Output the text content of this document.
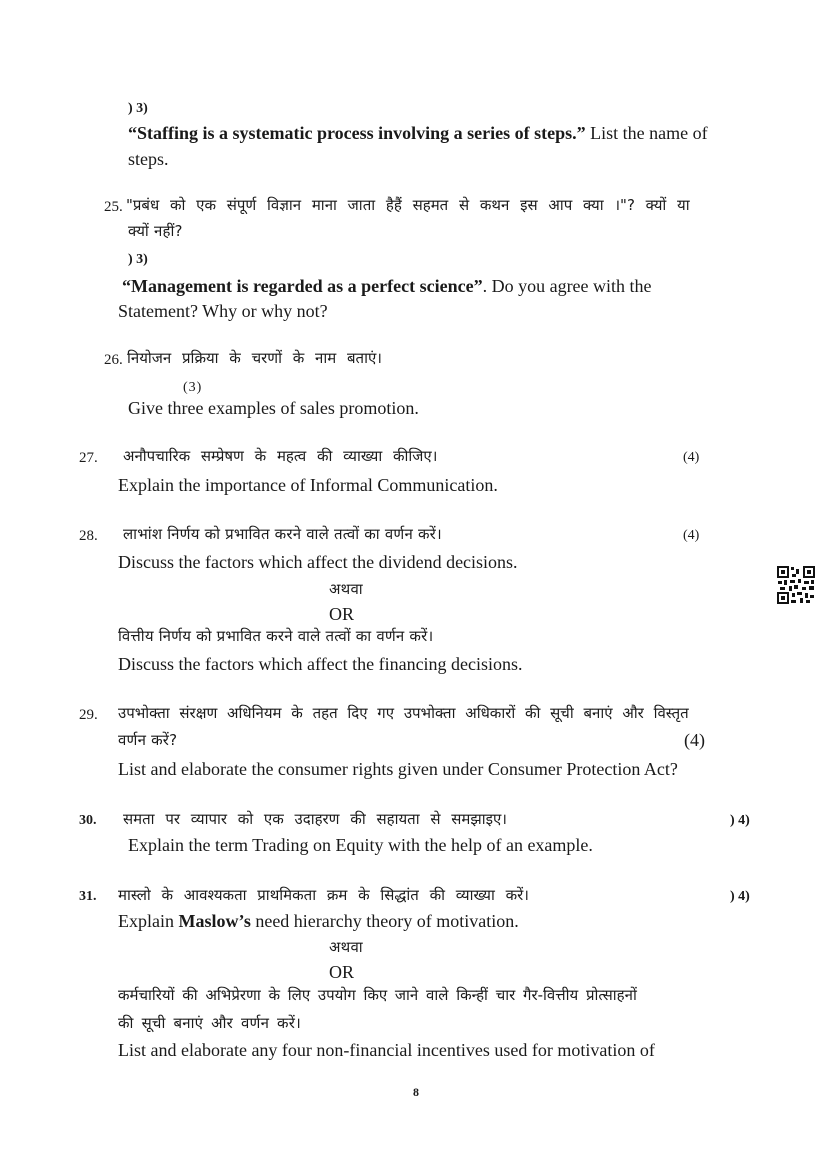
) 3)
“Staffing is a systematic process involving a series of steps.” List the name of
steps.
25. "प्रबंध को एक संपूर्ण विज्ञान माना जाता हैहैं सहमत से कथन इस आप क्या ।"? क्यों या
क्यों नहीं?
) 3)
“Management is regarded as a perfect science”. Do you agree with the
Statement? Why or why not?
26. नियोजन प्रक्रिया के चरणों के नाम बताएं।
(3)
Give three examples of sales promotion.
27. अनौपचारिक सम्प्रेषण के महत्व की व्याख्या कीजिए।	(4)
Explain the importance of Informal Communication.
28. लाभांश निर्णय को प्रभावित करने वाले तत्वों का वर्णन करें।	(4)
Discuss the factors which affect the dividend decisions.
अथवा
OR
वित्तीय निर्णय को प्रभावित करने वाले तत्वों का वर्णन करें।
Discuss the factors which affect the financing decisions.
29. उपभोक्ता संरक्षण अधिनियम के तहत दिए गए उपभोक्ता अधिकारों की सूची बनाएं और विस्तृत
वर्णन करें?	(4)
List and elaborate the consumer rights given under Consumer Protection Act?
30. समता पर व्यापार को एक उदाहरण की सहायता से समझाइए।	) 4)
Explain the term Trading on Equity with the help of an example.
31. मास्लो के आवश्यकता प्राथमिकता क्रम के सिद्धांत की व्याख्या करें।	) 4)
Explain Maslow’s need hierarchy theory of motivation.
अथवा
OR
कर्मचारियों की अभिप्रेरणा के लिए उपयोग किए जाने वाले किन्हीं चार गैर-वित्तीय प्रोत्साहनों
की सूची बनाएं और वर्णन करें।
List and elaborate any four non-financial incentives used for motivation of
8
